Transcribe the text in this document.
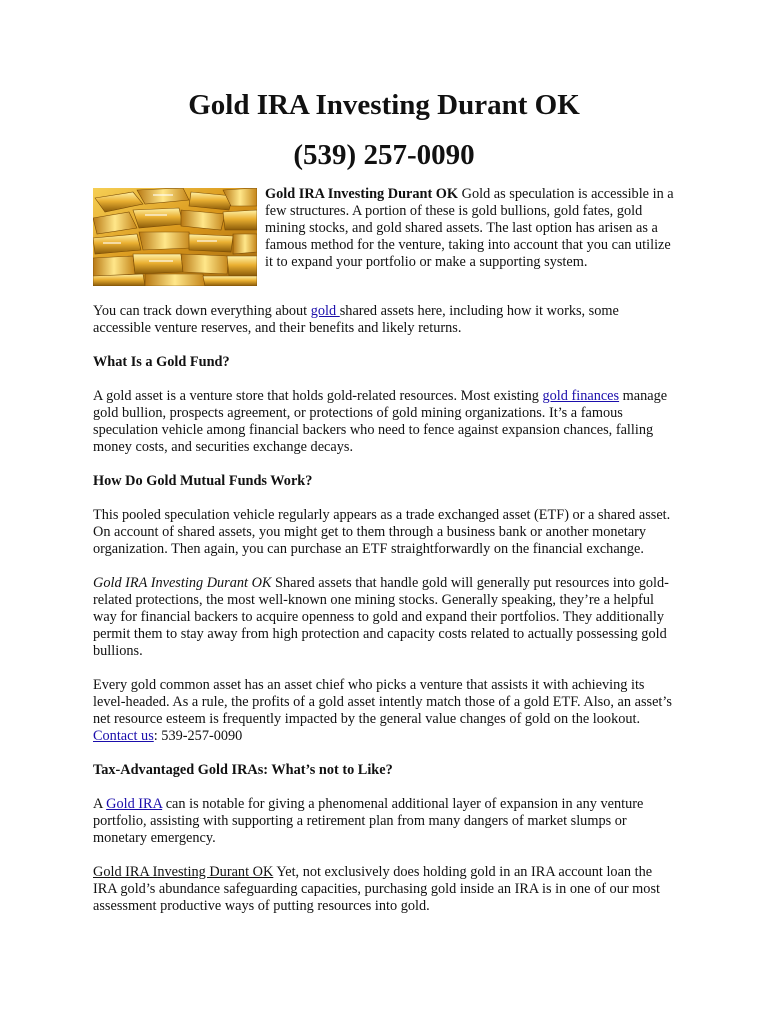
Gold IRA Investing Durant OK
(539) 257-0090

Gold IRA Investing Durant OK Gold as speculation is accessible in a few structures. A portion of these is gold bullions, gold fates, gold mining stocks, and gold shared assets. The last option has arisen as a famous method for the venture, taking into account that you can utilize it to expand your portfolio or make a supporting system.

You can track down everything about gold shared assets here, including how it works, some accessible venture reserves, and their benefits and likely returns.

What Is a Gold Fund?

A gold asset is a venture store that holds gold-related resources. Most existing gold finances manage gold bullion, prospects agreement, or protections of gold mining organizations. It’s a famous speculation vehicle among financial backers who need to fence against expansion chances, falling money costs, and securities exchange decays.

How Do Gold Mutual Funds Work?

This pooled speculation vehicle regularly appears as a trade exchanged asset (ETF) or a shared asset. On account of shared assets, you might get to them through a business bank or another monetary organization. Then again, you can purchase an ETF straightforwardly on the financial exchange.

Gold IRA Investing Durant OK Shared assets that handle gold will generally put resources into gold-related protections, the most well-known one mining stocks. Generally speaking, they’re a helpful way for financial backers to acquire openness to gold and expand their portfolios. They additionally permit them to stay away from high protection and capacity costs related to actually possessing gold bullions.

Every gold common asset has an asset chief who picks a venture that assists it with achieving its level-headed. As a rule, the profits of a gold asset intently match those of a gold ETF. Also, an asset’s net resource esteem is frequently impacted by the general value changes of gold on the lookout. Contact us: 539-257-0090

Tax-Advantaged Gold IRAs: What’s not to Like?

A Gold IRA can is notable for giving a phenomenal additional layer of expansion in any venture portfolio, assisting with supporting a retirement plan from many dangers of market slumps or monetary emergency.

Gold IRA Investing Durant OK Yet, not exclusively does holding gold in an IRA account loan the IRA gold’s abundance safeguarding capacities, purchasing gold inside an IRA is in one of our most assessment productive ways of putting resources into gold.
